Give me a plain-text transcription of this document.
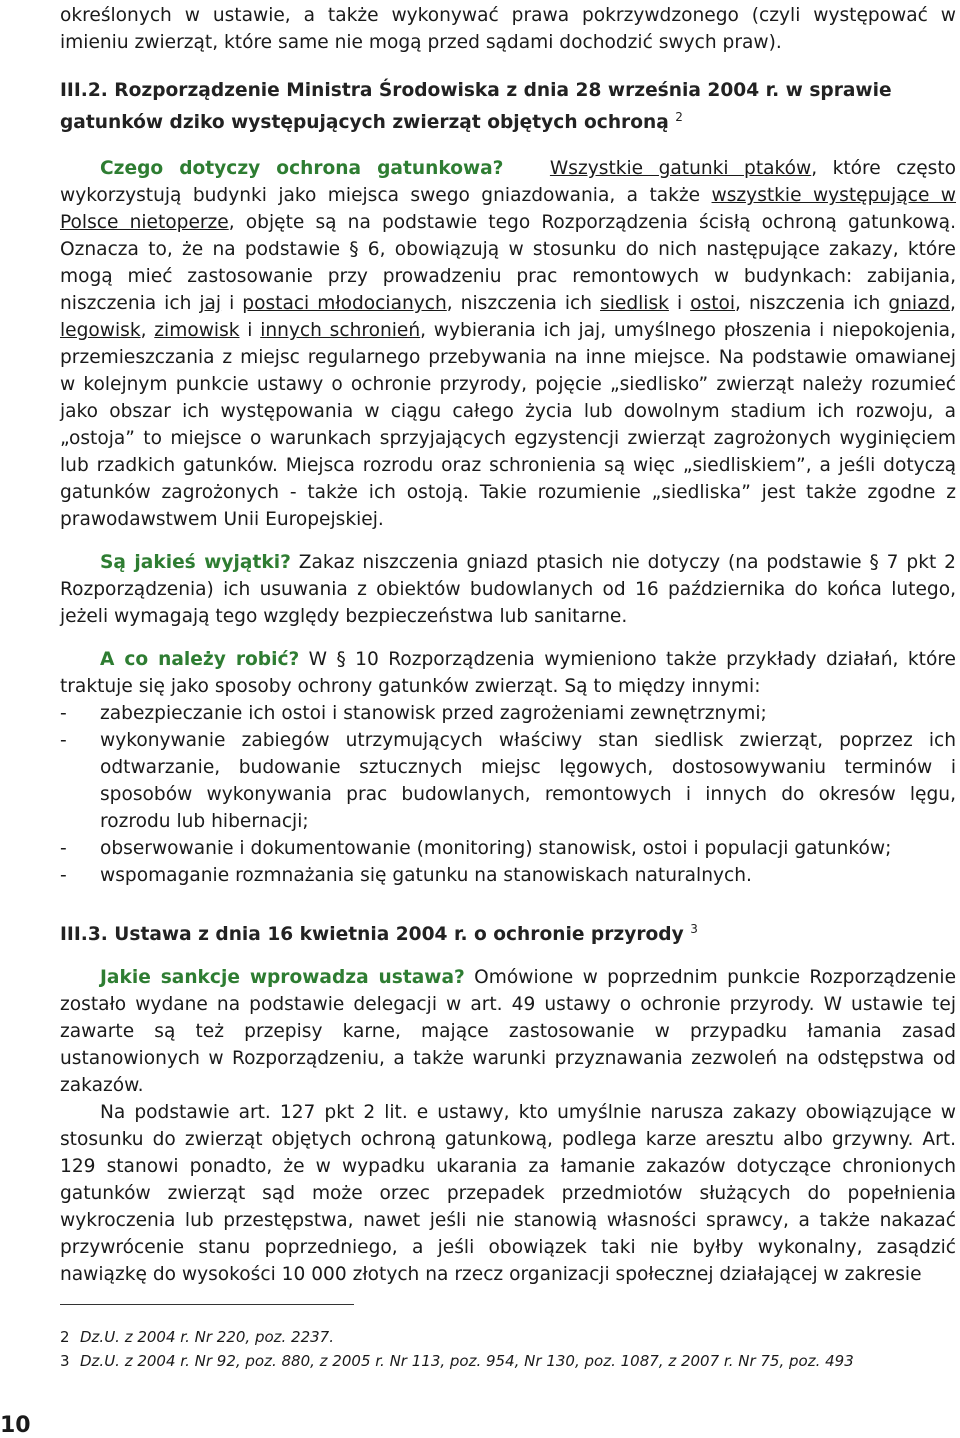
określonych w ustawie, a także wykonywać prawa pokrzywdzonego (czyli występować w imieniu zwierząt, które same nie mogą przed sądami dochodzić swych praw).

III.2. Rozporządzenie Ministra Środowiska z dnia 28 września 2004 r. w sprawie gatunków dziko występujących zwierząt objętych ochroną $^2$

Czego dotyczy ochrona gatunkowa? Wszystkie gatunki ptaków, które często wykorzystują budynki jako miejsca swego gniazdowania, a także wszystkie występujące w Polsce nietoperze, objęte są na podstawie tego Rozporządzenia ścisłą ochroną gatunkową. Oznacza to, że na podstawie § 6, obowiązują w stosunku do nich następujące zakazy, które mogą mieć zastosowanie przy prowadzeniu prac remontowych w budynkach: zabijania, niszczenia ich jaj i postaci młodocianych, niszczenia ich siedlisk i ostoi, niszczenia ich gniazd, legowisk, zimowisk i innych schronień, wybierania ich jaj, umyślnego płoszenia i niepokojenia, przemieszczania z miejsc regularnego przebywania na inne miejsce. Na podstawie omawianej w kolejnym punkcie ustawy o ochronie przyrody, pojęcie „siedlisko” zwierząt należy rozumieć jako obszar ich występowania w ciągu całego życia lub dowolnym stadium ich rozwoju, a „ostoja” to miejsce o warunkach sprzyjających egzystencji zwierząt zagrożonych wyginięciem lub rzadkich gatunków. Miejsca rozrodu oraz schronienia są więc „siedliskiem”, a jeśli dotyczą gatunków zagrożonych - także ich ostoją. Takie rozumienie „siedliska” jest także zgodne z prawodawstwem Unii Europejskiej.

Są jakieś wyjątki? Zakaz niszczenia gniazd ptasich nie dotyczy (na podstawie § 7 pkt 2 Rozporządzenia) ich usuwania z obiektów budowlanych od 16 października do końca lutego, jeżeli wymagają tego względy bezpieczeństwa lub sanitarne.

A co należy robić? W § 10 Rozporządzenia wymieniono także przykłady działań, które traktuje się jako sposoby ochrony gatunków zwierząt. Są to między innymi:

-	zabezpieczanie ich ostoi i stanowisk przed zagrożeniami zewnętrznymi;
-	wykonywanie zabiegów utrzymujących właściwy stan siedlisk zwierząt, poprzez ich odtwarzanie, budowanie sztucznych miejsc lęgowych, dostosowywaniu terminów i sposobów wykonywania prac budowlanych, remontowych i innych do okresów lęgu, rozrodu lub hibernacji;
-	obserwowanie i dokumentowanie (monitoring) stanowisk, ostoi i populacji gatunków;
-	wspomaganie rozmnażania się gatunku na stanowiskach naturalnych.

III.3. Ustawa z dnia 16 kwietnia 2004 r. o ochronie przyrody $^3$

Jakie sankcje wprowadza ustawa? Omówione w poprzednim punkcie Rozporządzenie zostało wydane na podstawie delegacji w art. 49 ustawy o ochronie przyrody. W ustawie tej zawarte są też przepisy karne, mające zastosowanie w przypadku łamania zasad ustanowionych w Rozporządzeniu, a także warunki przyznawania zezwoleń na odstępstwa od zakazów.

Na podstawie art. 127 pkt 2 lit. e ustawy, kto umyślnie narusza zakazy obowiązujące w stosunku do zwierząt objętych ochroną gatunkową, podlega karze aresztu albo grzywny. Art. 129 stanowi ponadto, że w wypadku ukarania za łamanie zakazów dotyczące chronionych gatunków zwierząt sąd może orzec przepadek przedmiotów służących do popełnienia wykroczenia lub przestępstwa, nawet jeśli nie stanowią własności sprawcy, a także nakazać przywrócenie stanu poprzedniego, a jeśli obowiązek taki nie byłby wykonalny, zasądzić nawiązkę do wysokości 10 000 złotych na rzecz organizacji społecznej działającej w zakresie

2 Dz.U. z 2004 r. Nr 220, poz. 2237.
3 Dz.U. z 2004 r. Nr 92, poz. 880, z 2005 r. Nr 113, poz. 954, Nr 130, poz. 1087, z 2007 r. Nr 75, poz. 493
10
